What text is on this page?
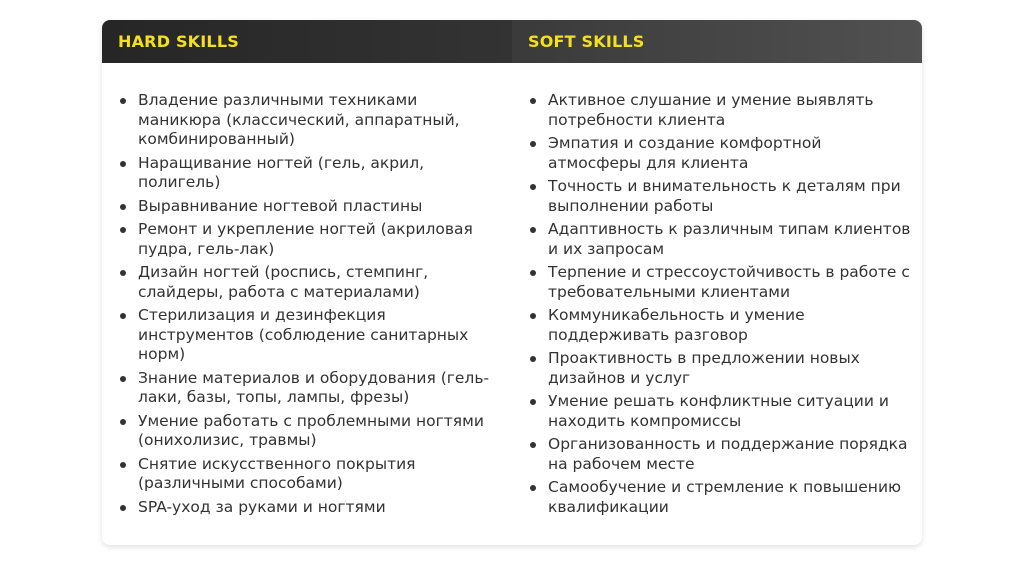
HARD SKILLS	SOFT SKILLS
Владение различными техниками маникюра (классический, аппаратный, комбинированный)
Наращивание ногтей (гель, акрил, полигель)
Выравнивание ногтевой пластины
Ремонт и укрепление ногтей (акриловая пудра, гель-лак)
Дизайн ногтей (роспись, стемпинг, слайдеры, работа с материалами)
Стерилизация и дезинфекция инструментов (соблюдение санитарных норм)
Знание материалов и оборудования (гель-лаки, базы, топы, лампы, фрезы)
Умение работать с проблемными ногтями (онихолизис, травмы)
Снятие искусственного покрытия (различными способами)
SPA-уход за руками и ногтями
Активное слушание и умение выявлять потребности клиента
Эмпатия и создание комфортной атмосферы для клиента
Точность и внимательность к деталям при выполнении работы
Адаптивность к различным типам клиентов и их запросам
Терпение и стрессоустойчивость в работе с требовательными клиентами
Коммуникабельность и умение поддерживать разговор
Проактивность в предложении новых дизайнов и услуг
Умение решать конфликтные ситуации и находить компромиссы
Организованность и поддержание порядка на рабочем месте
Самообучение и стремление к повышению квалификации
